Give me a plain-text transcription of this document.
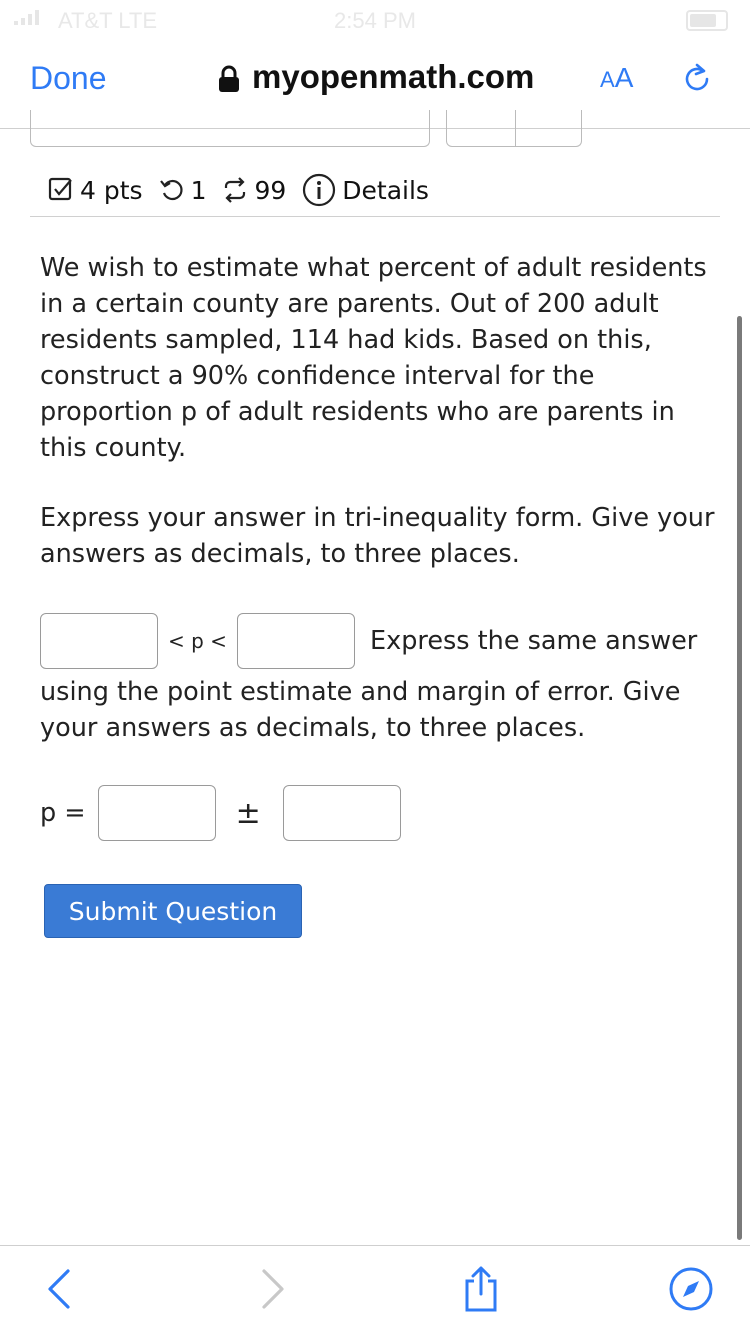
AT&T LTE	2:54 PM
Done	myopenmath.com	AA
4 pts 1 99 Details

We wish to estimate what percent of adult residents in a certain county are parents. Out of 200 adult residents sampled, 114 had kids. Based on this, construct a 90% confidence interval for the proportion p of adult residents who are parents in this county.

Express your answer in tri-inequality form. Give your answers as decimals, to three places.

< p <	Express the same answer
using the point estimate and margin of error. Give your answers as decimals, to three places.
p =	±
Submit Question
